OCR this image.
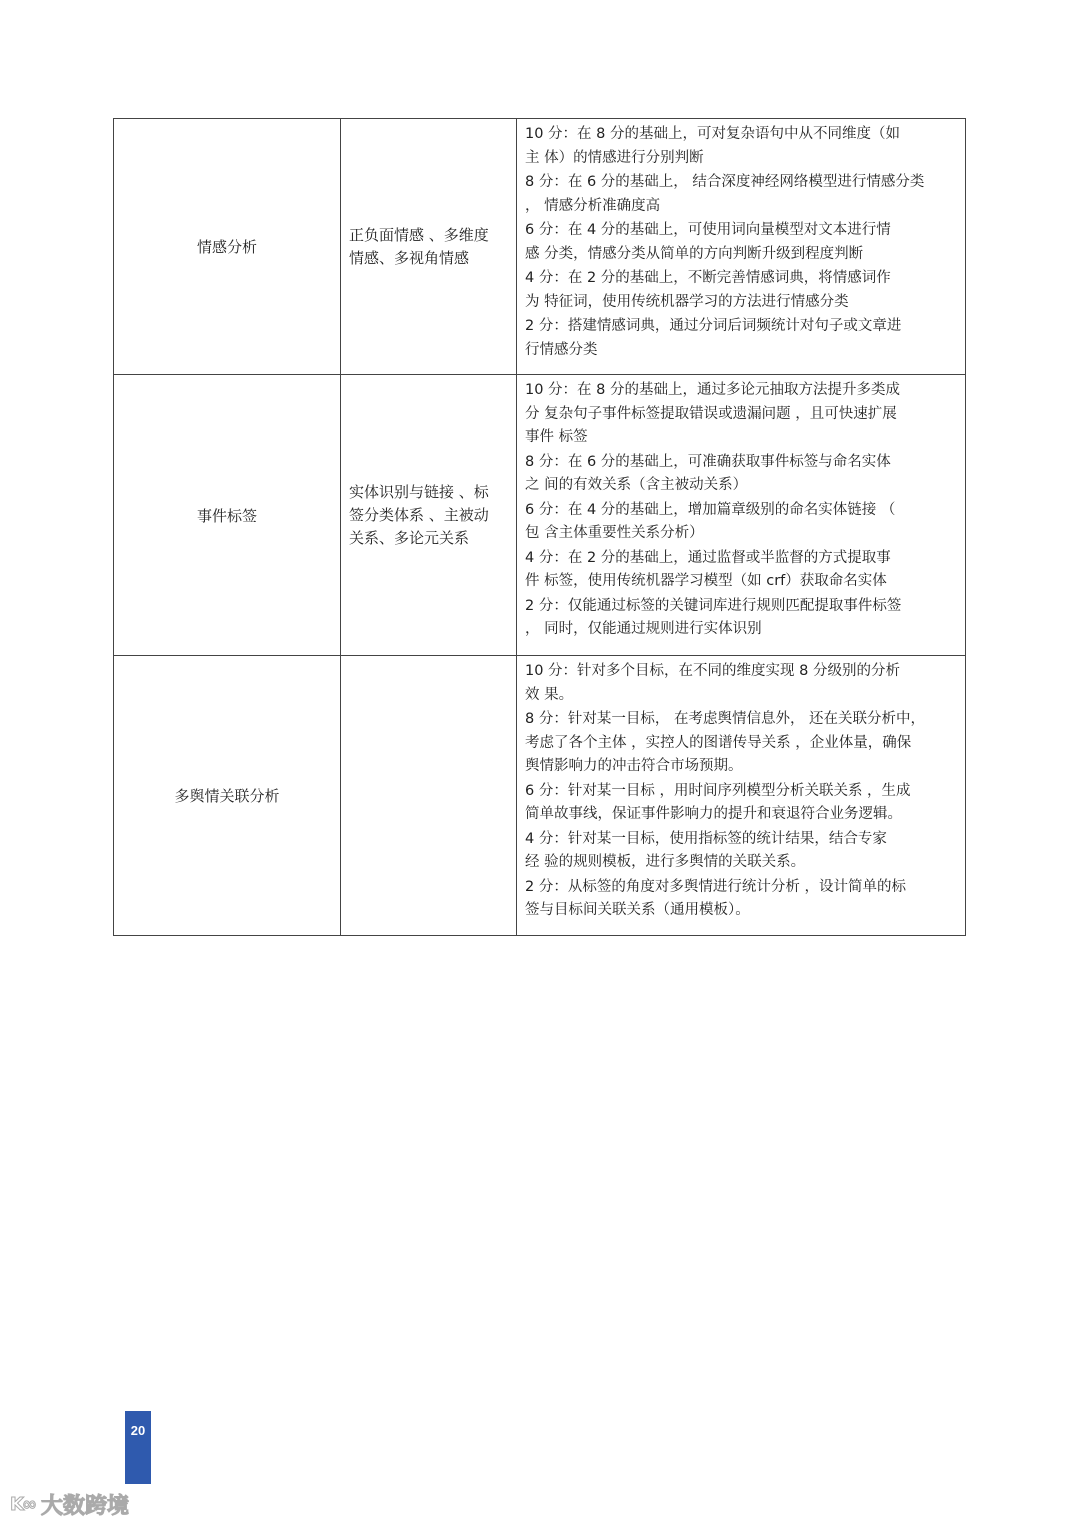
情感分析
正负面情感 、多维度
情感、多视角情感
10 分：在 8 分的基础上，可对复杂语句中从不同维度（如
主 体）的情感进行分别判断
8 分：在 6 分的基础上， 结合深度神经网络模型进行情感分类
， 情感分析准确度高
6 分：在 4 分的基础上，可使用词向量模型对文本进行情
感 分类，情感分类从简单的方向判断升级到程度判断
4 分：在 2 分的基础上，不断完善情感词典，将情感词作
为 特征词，使用传统机器学习的方法进行情感分类
2 分：搭建情感词典，通过分词后词频统计对句子或文章进
行情感分类
事件标签
实体识别与链接 、标
签分类体系 、主被动
关系、多论元关系
10 分：在 8 分的基础上，通过多论元抽取方法提升多类成
分 复杂句子事件标签提取错误或遗漏问题 ，且可快速扩展
事件 标签
8 分：在 6 分的基础上，可准确获取事件标签与命名实体
之 间的有效关系（含主被动关系）
6 分：在 4 分的基础上，增加篇章级别的命名实体链接 （
包 含主体重要性关系分析）
4 分：在 2 分的基础上，通过监督或半监督的方式提取事
件 标签，使用传统机器学习模型（如 crf）获取命名实体
2 分：仅能通过标签的关键词库进行规则匹配提取事件标签
， 同时，仅能通过规则进行实体识别
多舆情关联分析
10 分：针对多个目标，在不同的维度实现 8 分级别的分析
效 果。
8 分：针对某一目标， 在考虑舆情信息外， 还在关联分析中，
考虑了各个主体 ，实控人的图谱传导关系 ，企业体量，确保
舆情影响力的冲击符合市场预期。
6 分：针对某一目标 ，用时间序列模型分析关联关系 ，生成
简单故事线，保证事件影响力的提升和衰退符合业务逻辑。
4 分：针对某一目标，使用指标签的统计结果，结合专家
经 验的规则模板，进行多舆情的关联关系。
2 分：从标签的角度对多舆情进行统计分析 ，设计简单的标
签与目标间关联关系（通用模板）。
20
K∞ 大数跨境
